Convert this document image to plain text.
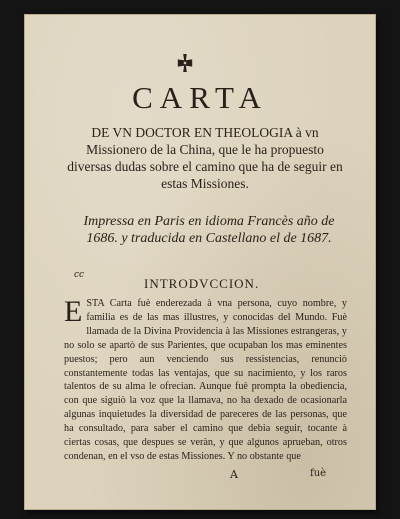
CARTA
DE VN DOCTOR EN THEOLOGIA à vn Missionero de la China, que le ha propuesto diversas dudas sobre el camino que ha de seguir en estas Missiones.
Impressa en Paris en idioma Francès año de 1686. y traducida en Castellano el de 1687.
cc
INTRODVCCION.
ESTA Carta fuè enderezada à vna persona, cuyo nombre, y familia es de las mas illustres, y conocidas del Mundo. Fuè llamada de la Divina Providencia à las Missiones estrangeras, y no solo se apartò de sus Parientes, que ocupaban los mas eminentes puestos; pero aun venciendo sus ressistencias, renunciò constantemente todas las ventajas, que su nacimiento, y los raros talentos de su alma le ofrecian. Aunque fuè prompta la obediencia, con que siguiò la voz que la llamava, no ha dexado de ocasionarla algunas inquietudes la diversidad de pareceres de las personas, que ha consultado, para saber el camino que debia seguir, tocante à ciertas cosas, que despues se veràn, y que algunos aprueban, otros condenan, en el vso de estas Missiones. Y no obstante que
A	fuè
